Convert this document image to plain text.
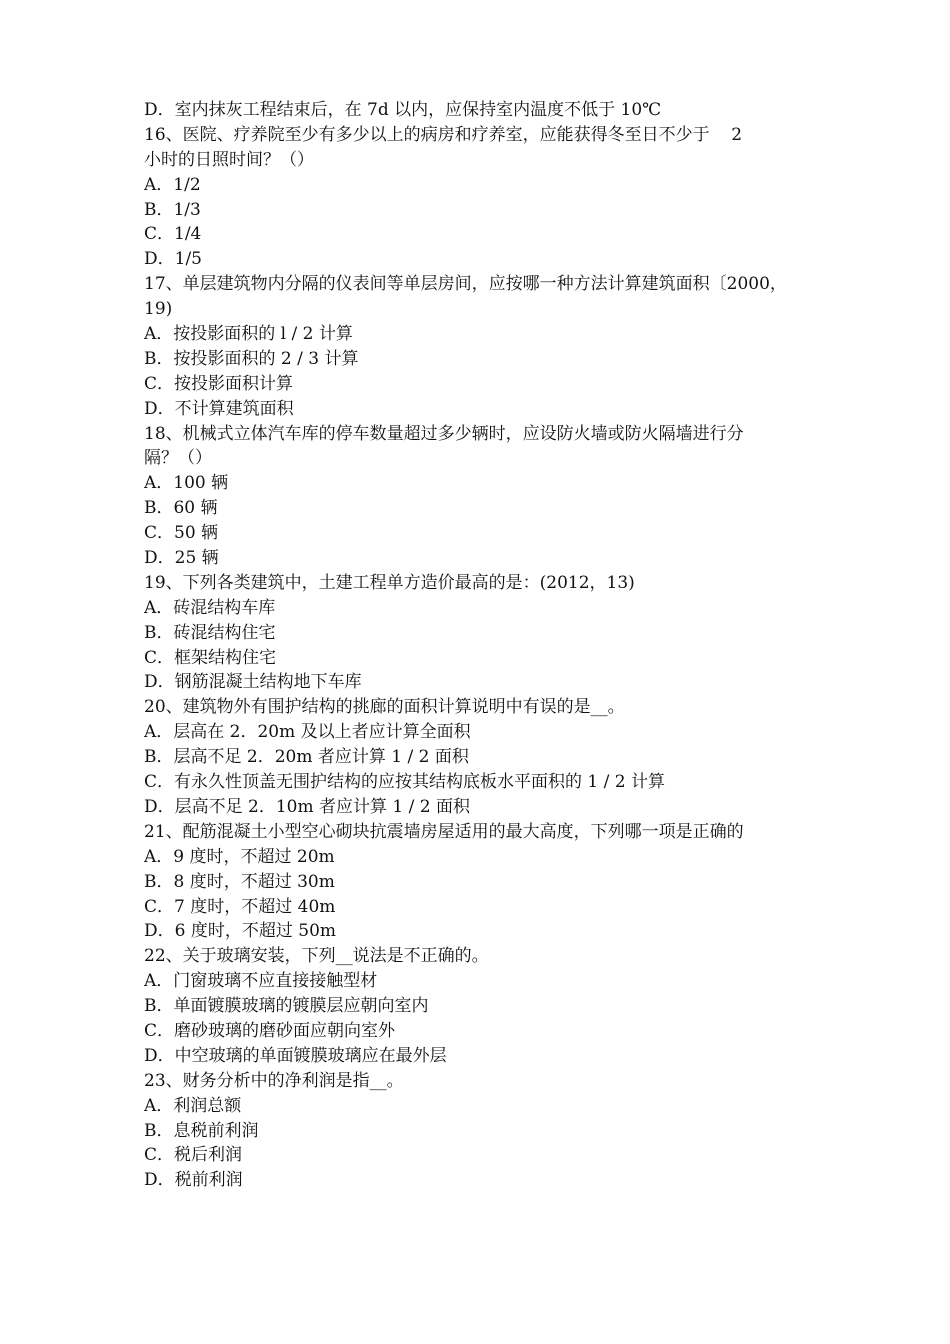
D．室内抹灰工程结束后，在 7d 以内，应保持室内温度不低于 10℃
16、医院、疗养院至少有多少以上的病房和疗养室，应能获得冬至日不少于    2
小时的日照时间？（）
A．1/2
B．1/3
C．1/4
D．1/5
17、单层建筑物内分隔的仪表间等单层房间，应按哪一种方法计算建筑面积〔2000，
19)
A．按投影面积的 l / 2 计算
B．按投影面积的 2 / 3 计算
C．按投影面积计算
D．不计算建筑面积
18、机械式立体汽车库的停车数量超过多少辆时，应设防火墙或防火隔墙进行分
隔？（）
A．100 辆
B．60 辆
C．50 辆
D．25 辆
19、下列各类建筑中，土建工程单方造价最高的是：(2012，13)
A．砖混结构车库
B．砖混结构住宅
C．框架结构住宅
D．钢筋混凝土结构地下车库
20、建筑物外有围护结构的挑廊的面积计算说明中有误的是__。
A．层高在 2．20m 及以上者应计算全面积
B．层高不足 2．20m 者应计算 1 / 2 面积
C．有永久性顶盖无围护结构的应按其结构底板水平面积的 1 / 2 计算
D．层高不足 2．10m 者应计算 1 / 2 面积
21、配筋混凝土小型空心砌块抗震墙房屋适用的最大高度，下列哪一项是正确的
A．9 度时，不超过 20m
B．8 度时，不超过 30m
C．7 度时，不超过 40m
D．6 度时，不超过 50m
22、关于玻璃安装，下列__说法是不正确的。
A．门窗玻璃不应直接接触型材
B．单面镀膜玻璃的镀膜层应朝向室内
C．磨砂玻璃的磨砂面应朝向室外
D．中空玻璃的单面镀膜玻璃应在最外层
23、财务分析中的净利润是指__。
A．利润总额
B．息税前利润
C．税后利润
D．税前利润
